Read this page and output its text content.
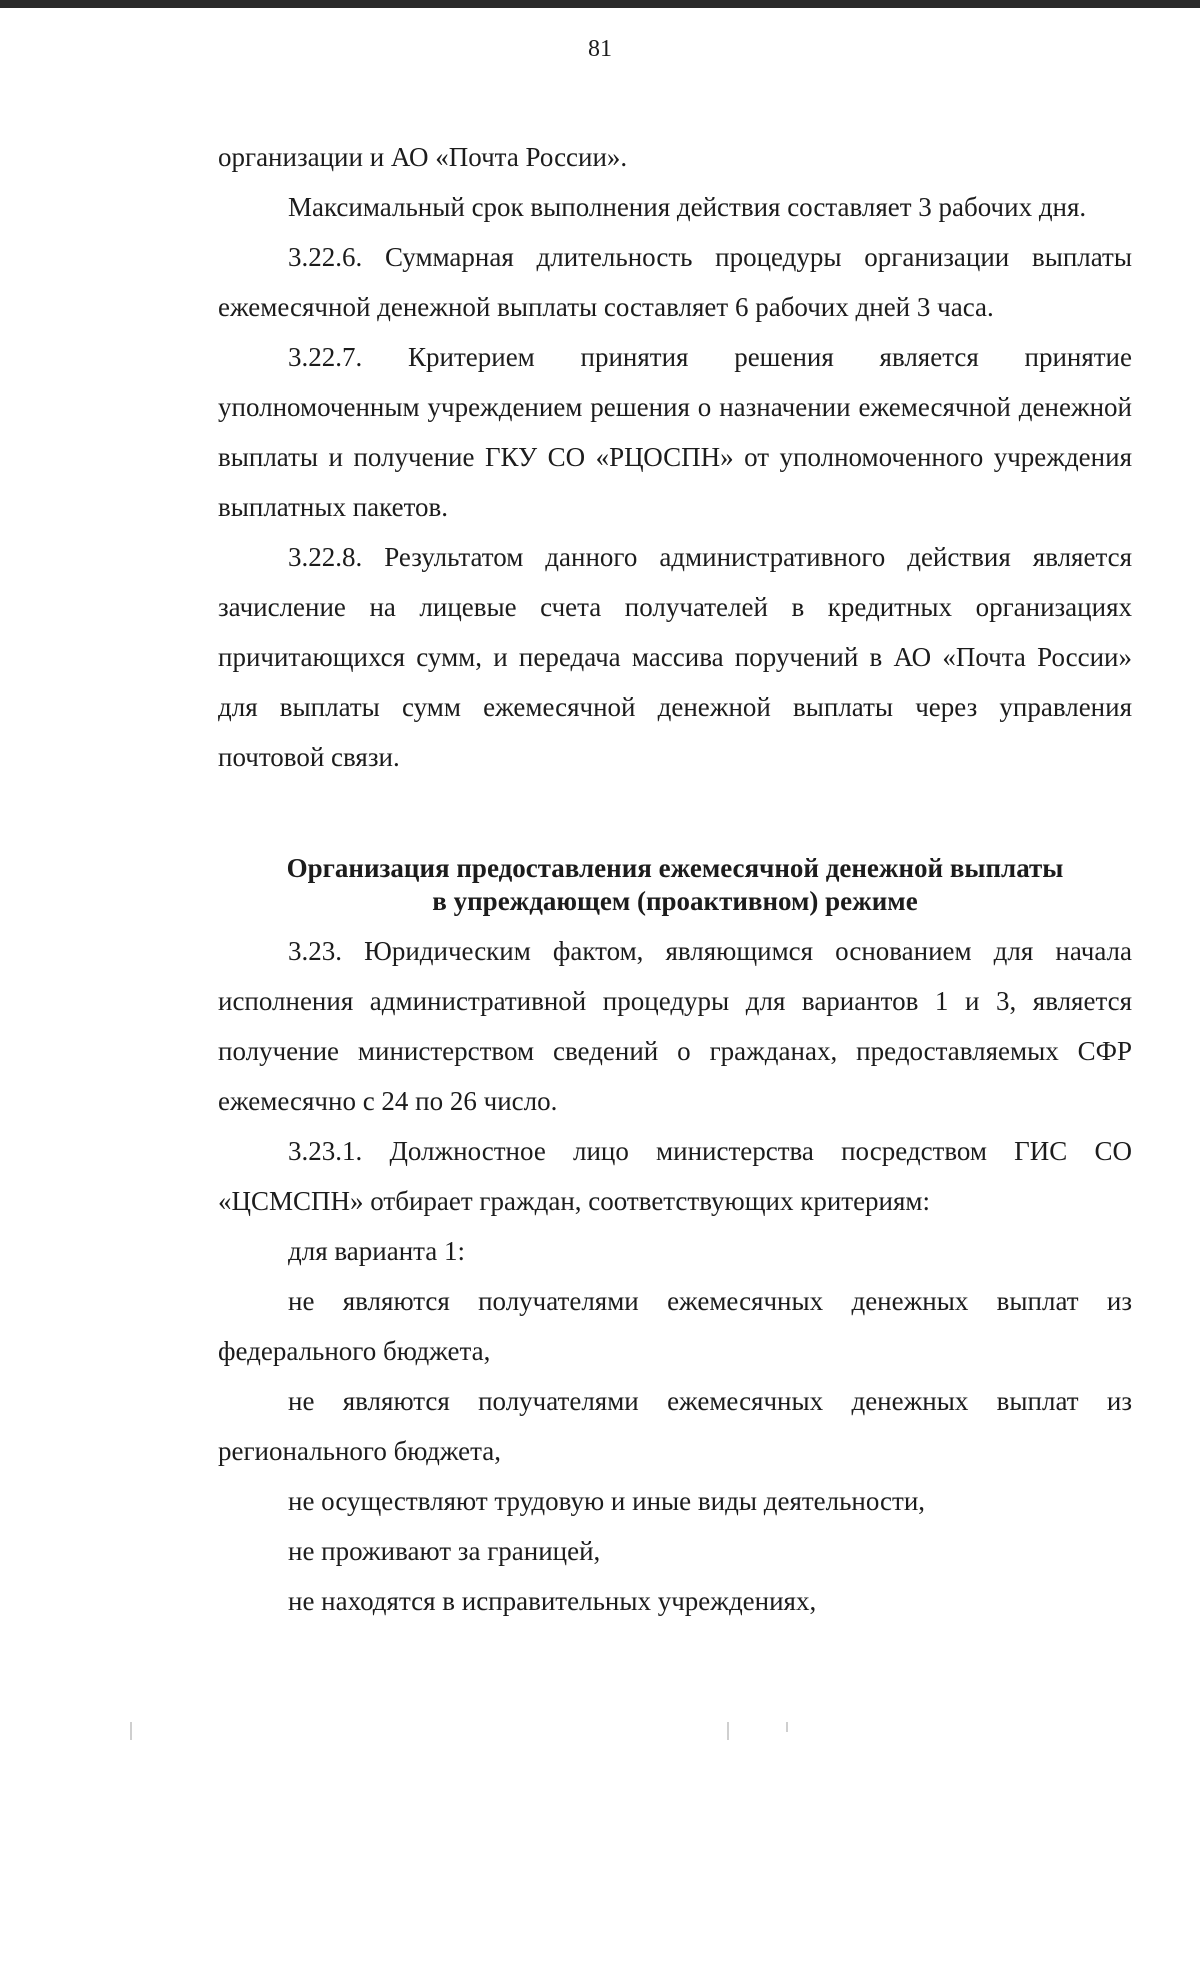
81

организации и АО «Почта России».

Максимальный срок выполнения действия составляет 3 рабочих дня.

3.22.6. Суммарная длительность процедуры организации выплаты ежемесячной денежной выплаты составляет 6 рабочих дней 3 часа.

3.22.7. Критерием принятия решения является принятие уполномоченным учреждением решения о назначении ежемесячной денежной выплаты и получение ГКУ СО «РЦОСПН» от уполномоченного учреждения выплатных пакетов.

3.22.8. Результатом данного административного действия является зачисление на лицевые счета получателей в кредитных организациях причитающихся сумм, и передача массива поручений в АО «Почта России» для выплаты сумм ежемесячной денежной выплаты через управления почтовой связи.

Организация предоставления ежемесячной денежной выплаты
в упреждающем (проактивном) режиме

3.23. Юридическим фактом, являющимся основанием для начала исполнения административной процедуры для вариантов 1 и 3, является получение министерством сведений о гражданах, предоставляемых СФР ежемесячно с 24 по 26 число.

3.23.1. Должностное лицо министерства посредством ГИС СО «ЦСМСПН» отбирает граждан, соответствующих критериям:

для варианта 1:

не являются получателями ежемесячных денежных выплат из федерального бюджета,

не являются получателями ежемесячных денежных выплат из регионального бюджета,

не осуществляют трудовую и иные виды деятельности,

не проживают за границей,

не находятся в исправительных учреждениях,
